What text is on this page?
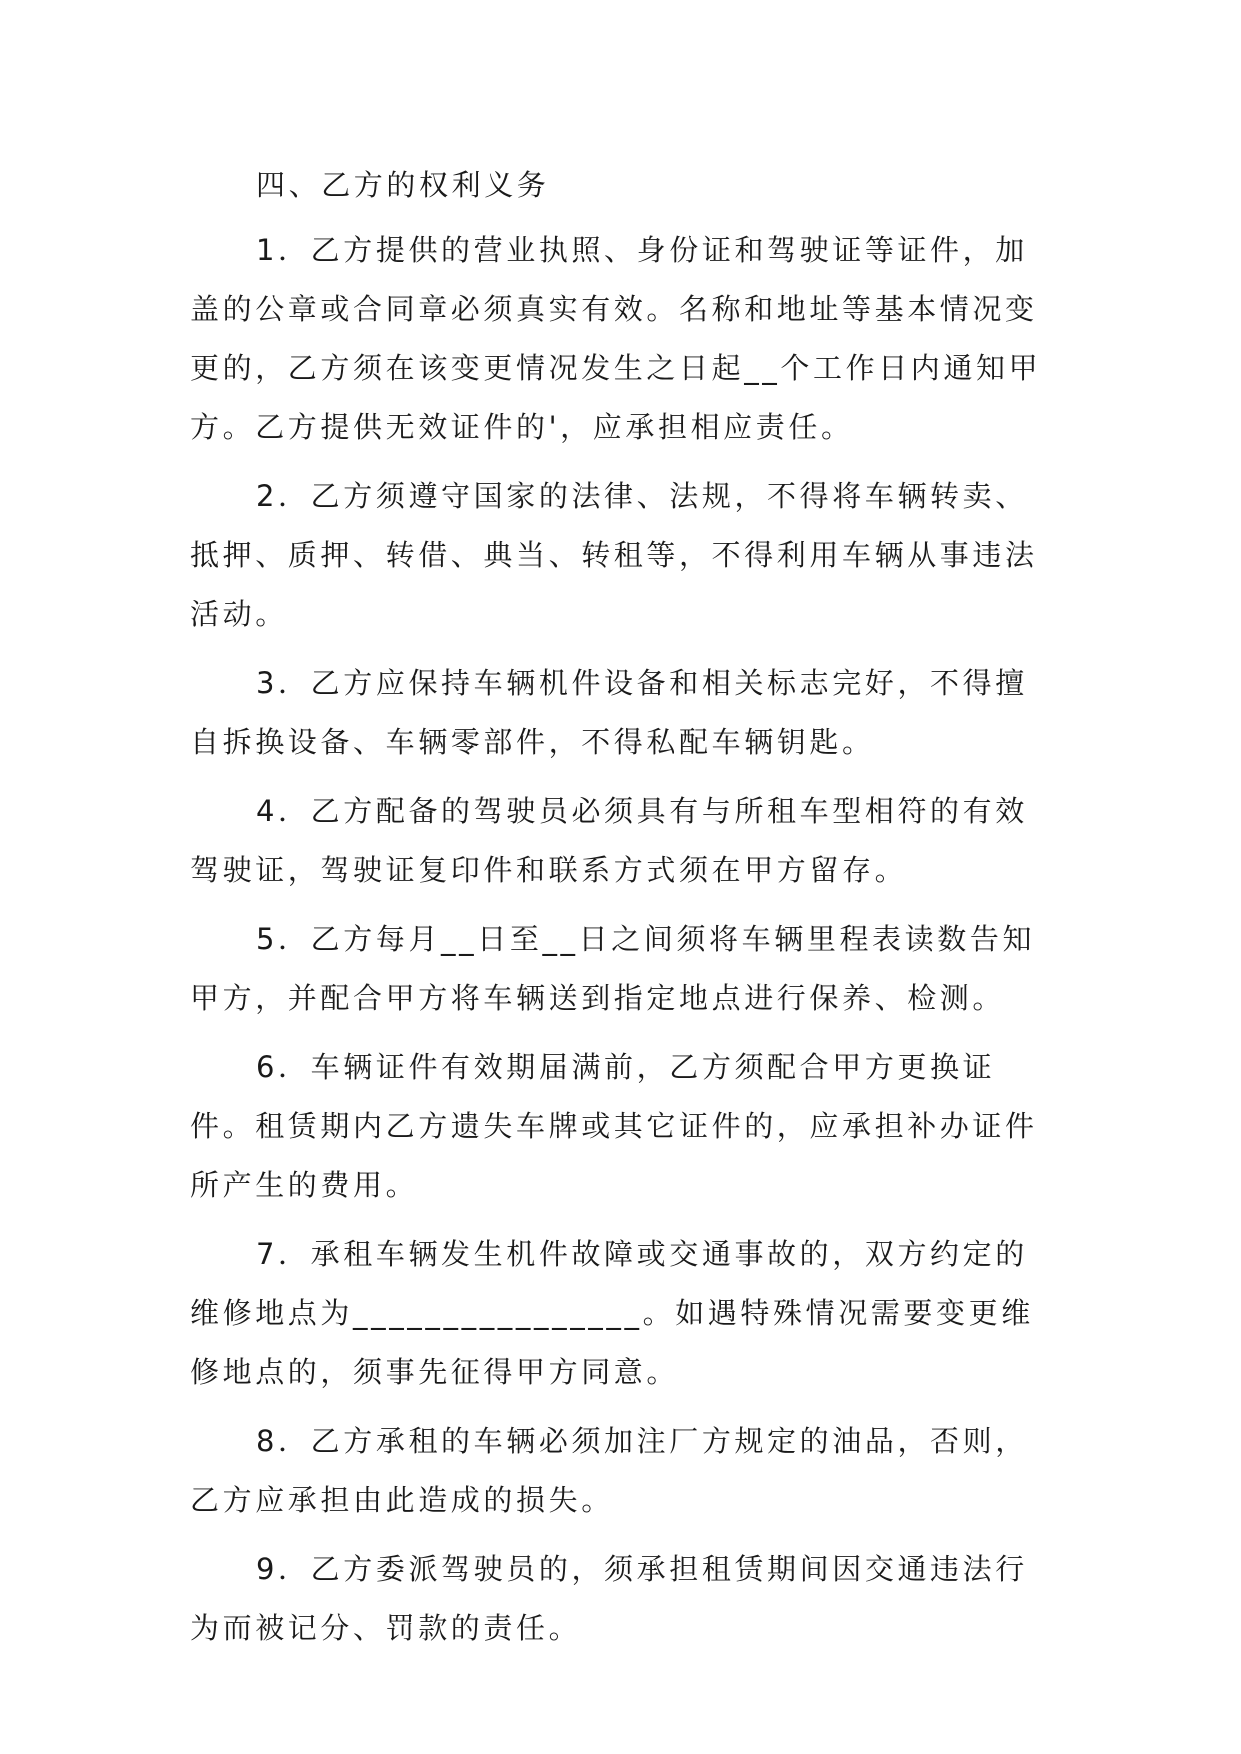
四、乙方的权利义务

1．乙方提供的营业执照、身份证和驾驶证等证件，加盖的公章或合同章必须真实有效。名称和地址等基本情况变更的，乙方须在该变更情况发生之日起__个工作日内通知甲方。乙方提供无效证件的'，应承担相应责任。

2．乙方须遵守国家的法律、法规，不得将车辆转卖、抵押、质押、转借、典当、转租等，不得利用车辆从事违法活动。

3．乙方应保持车辆机件设备和相关标志完好，不得擅自拆换设备、车辆零部件，不得私配车辆钥匙。

4．乙方配备的驾驶员必须具有与所租车型相符的有效驾驶证，驾驶证复印件和联系方式须在甲方留存。

5．乙方每月__日至__日之间须将车辆里程表读数告知甲方，并配合甲方将车辆送到指定地点进行保养、检测。

6．车辆证件有效期届满前，乙方须配合甲方更换证件。租赁期内乙方遗失车牌或其它证件的，应承担补办证件所产生的费用。

7．承租车辆发生机件故障或交通事故的，双方约定的维修地点为________________。如遇特殊情况需要变更维修地点的，须事先征得甲方同意。

8．乙方承租的车辆必须加注厂方规定的油品，否则，乙方应承担由此造成的损失。

9．乙方委派驾驶员的，须承担租赁期间因交通违法行为而被记分、罚款的责任。
